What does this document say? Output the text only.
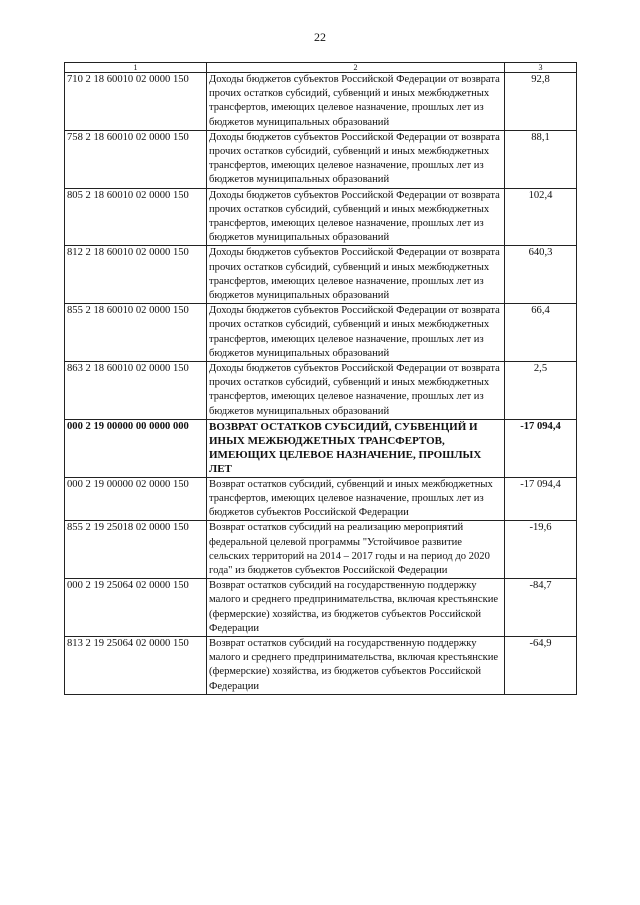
22
1	2	3
710 2 18 60010 02 0000 150	Доходы бюджетов субъектов Российской Федерации от возврата прочих остатков субсидий, субвенций и иных межбюджетных трансфертов, имеющих целевое назначение, прошлых лет из бюджетов муниципальных образований	92,8
758 2 18 60010 02 0000 150	Доходы бюджетов субъектов Российской Федерации от возврата прочих остатков субсидий, субвенций и иных межбюджетных трансфертов, имеющих целевое назначение, прошлых лет из бюджетов муниципальных образований	88,1
805 2 18 60010 02 0000 150	Доходы бюджетов субъектов Российской Федерации от возврата прочих остатков субсидий, субвенций и иных межбюджетных трансфертов, имеющих целевое назначение, прошлых лет из бюджетов муниципальных образований	102,4
812 2 18 60010 02 0000 150	Доходы бюджетов субъектов Российской Федерации от возврата прочих остатков субсидий, субвенций и иных межбюджетных трансфертов, имеющих целевое назначение, прошлых лет из бюджетов муниципальных образований	640,3
855 2 18 60010 02 0000 150	Доходы бюджетов субъектов Российской Федерации от возврата прочих остатков субсидий, субвенций и иных межбюджетных трансфертов, имеющих целевое назначение, прошлых лет из бюджетов муниципальных образований	66,4
863 2 18 60010 02 0000 150	Доходы бюджетов субъектов Российской Федерации от возврата прочих остатков субсидий, субвенций и иных межбюджетных трансфертов, имеющих целевое назначение, прошлых лет из бюджетов муниципальных образований	2,5
000 2 19 00000 00 0000 000	ВОЗВРАТ ОСТАТКОВ СУБСИДИЙ, СУБВЕНЦИЙ И ИНЫХ МЕЖБЮДЖЕТНЫХ ТРАНСФЕРТОВ, ИМЕЮЩИХ ЦЕЛЕВОЕ НАЗНАЧЕНИЕ, ПРОШЛЫХ ЛЕТ	-17 094,4
000 2 19 00000 02 0000 150	Возврат остатков субсидий, субвенций и иных межбюджетных трансфертов, имеющих целевое назначение, прошлых лет из бюджетов субъектов Российской Федерации	-17 094,4
855 2 19 25018 02 0000 150	Возврат остатков субсидий на реализацию мероприятий федеральной целевой программы "Устойчивое развитие сельских территорий на 2014 – 2017 годы и на период до 2020 года" из бюджетов субъектов Российской Федерации	-19,6
000 2 19 25064 02 0000 150	Возврат остатков субсидий на государственную поддержку малого и среднего предпринимательства, включая крестьянские (фермерские) хозяйства, из бюджетов субъектов Российской Федерации	-84,7
813 2 19 25064 02 0000 150	Возврат остатков субсидий на государственную поддержку малого и среднего предпринимательства, включая крестьянские (фермерские) хозяйства, из бюджетов субъектов Российской Федерации	-64,9
